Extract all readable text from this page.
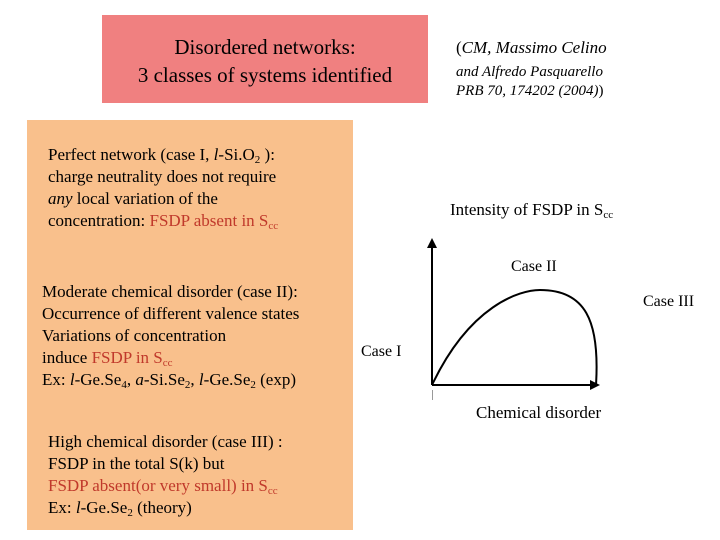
Disordered networks:
3 classes of systems identified
(CM, Massimo Celino
and Alfredo Pasquarello
PRB 70, 174202 (2004))
Perfect network (case I, $l-Si.O_2$ ):
charge neutrality does not require
any local variation of the
concentration: FSDP absent in $S_{cc}$
Moderate chemical disorder (case II):
Occurrence of different valence states
Variations of concentration
induce FSDP in $S_{cc}$
Ex: $l-Ge.Se_4$, $a-Si.Se_2$, $l-Ge.Se_2$ (exp)
High chemical disorder (case III) :
FSDP in the total S(k) but
FSDP absent(or very small) in $S_{cc}$
Ex: $l-Ge.Se_2$ (theory)
Intensity of FSDP in $S_{cc}$
Chemical disorder
Case II
Case III
Case I
